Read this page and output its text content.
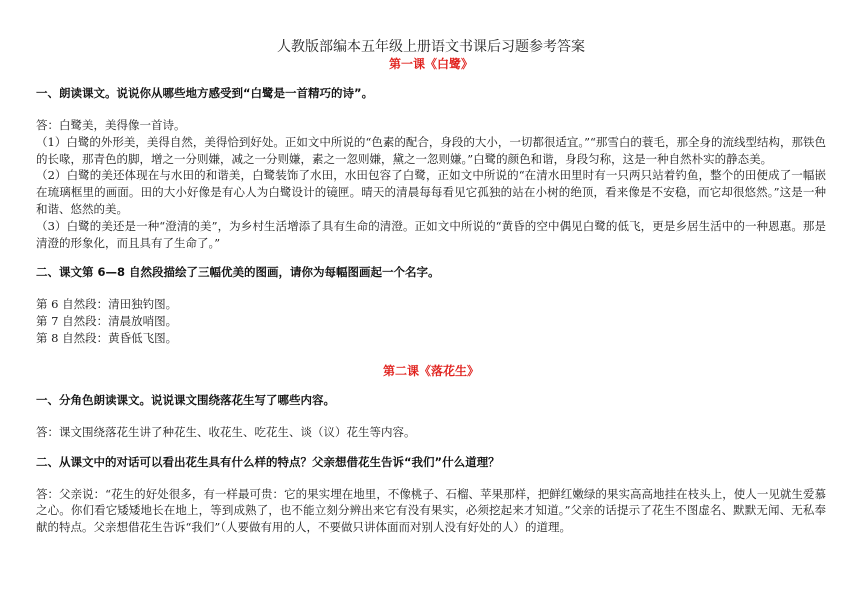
人教版部编本五年级上册语文书课后习题参考答案

第一课《白鹭》

一、朗读课文。说说你从哪些地方感受到“白鹭是一首精巧的诗”。

答：白鹭美，美得像一首诗。

（1）白鹭的外形美，美得自然，美得恰到好处。正如文中所说的“色素的配合，身段的大小，一切都很适宜。”“那雪白的蓑毛，那全身的流线型结构，那铁色的长喙，那青色的脚，增之一分则嫌，减之一分则嫌，素之一忽则嫌，黛之一忽则嫌。”白鹭的颜色和谐，身段匀称，这是一种自然朴实的静态美。

（2）白鹭的美还体现在与水田的和谐美，白鹭装饰了水田，水田包容了白鹭，正如文中所说的“在清水田里时有一只两只站着钓鱼，整个的田便成了一幅嵌在琉璃框里的画面。田的大小好像是有心人为白鹭设计的镜匣。晴天的清晨每每看见它孤独的站在小树的绝顶，看来像是不安稳，而它却很悠然。”这是一种和谐、悠然的美。

（3）白鹭的美还是一种“澄清的美”，为乡村生活增添了具有生命的清澄。正如文中所说的“黄昏的空中偶见白鹭的低飞，更是乡居生活中的一种恩惠。那是清澄的形象化，而且具有了生命了。”

二、课文第 6—8 自然段描绘了三幅优美的图画，请你为每幅图画起一个名字。

第 6 自然段：清田独钓图。

第 7 自然段：清晨放哨图。

第 8 自然段：黄昏低飞图。

第二课《落花生》

一、分角色朗读课文。说说课文围绕落花生写了哪些内容。

答：课文围绕落花生讲了种花生、收花生、吃花生、谈（议）花生等内容。

二、从课文中的对话可以看出花生具有什么样的特点？父亲想借花生告诉“我们”什么道理？

答：父亲说：“花生的好处很多，有一样最可贵：它的果实埋在地里，不像桃子、石榴、苹果那样，把鲜红嫩绿的果实高高地挂在枝头上，使人一见就生爱慕之心。你们看它矮矮地长在地上，等到成熟了，也不能立刻分辨出来它有没有果实，必须挖起来才知道。”父亲的话提示了花生不图虚名、默默无闻、无私奉献的特点。父亲想借花生告诉“我们”（人要做有用的人，不要做只讲体面而对别人没有好处的人）的道理。
